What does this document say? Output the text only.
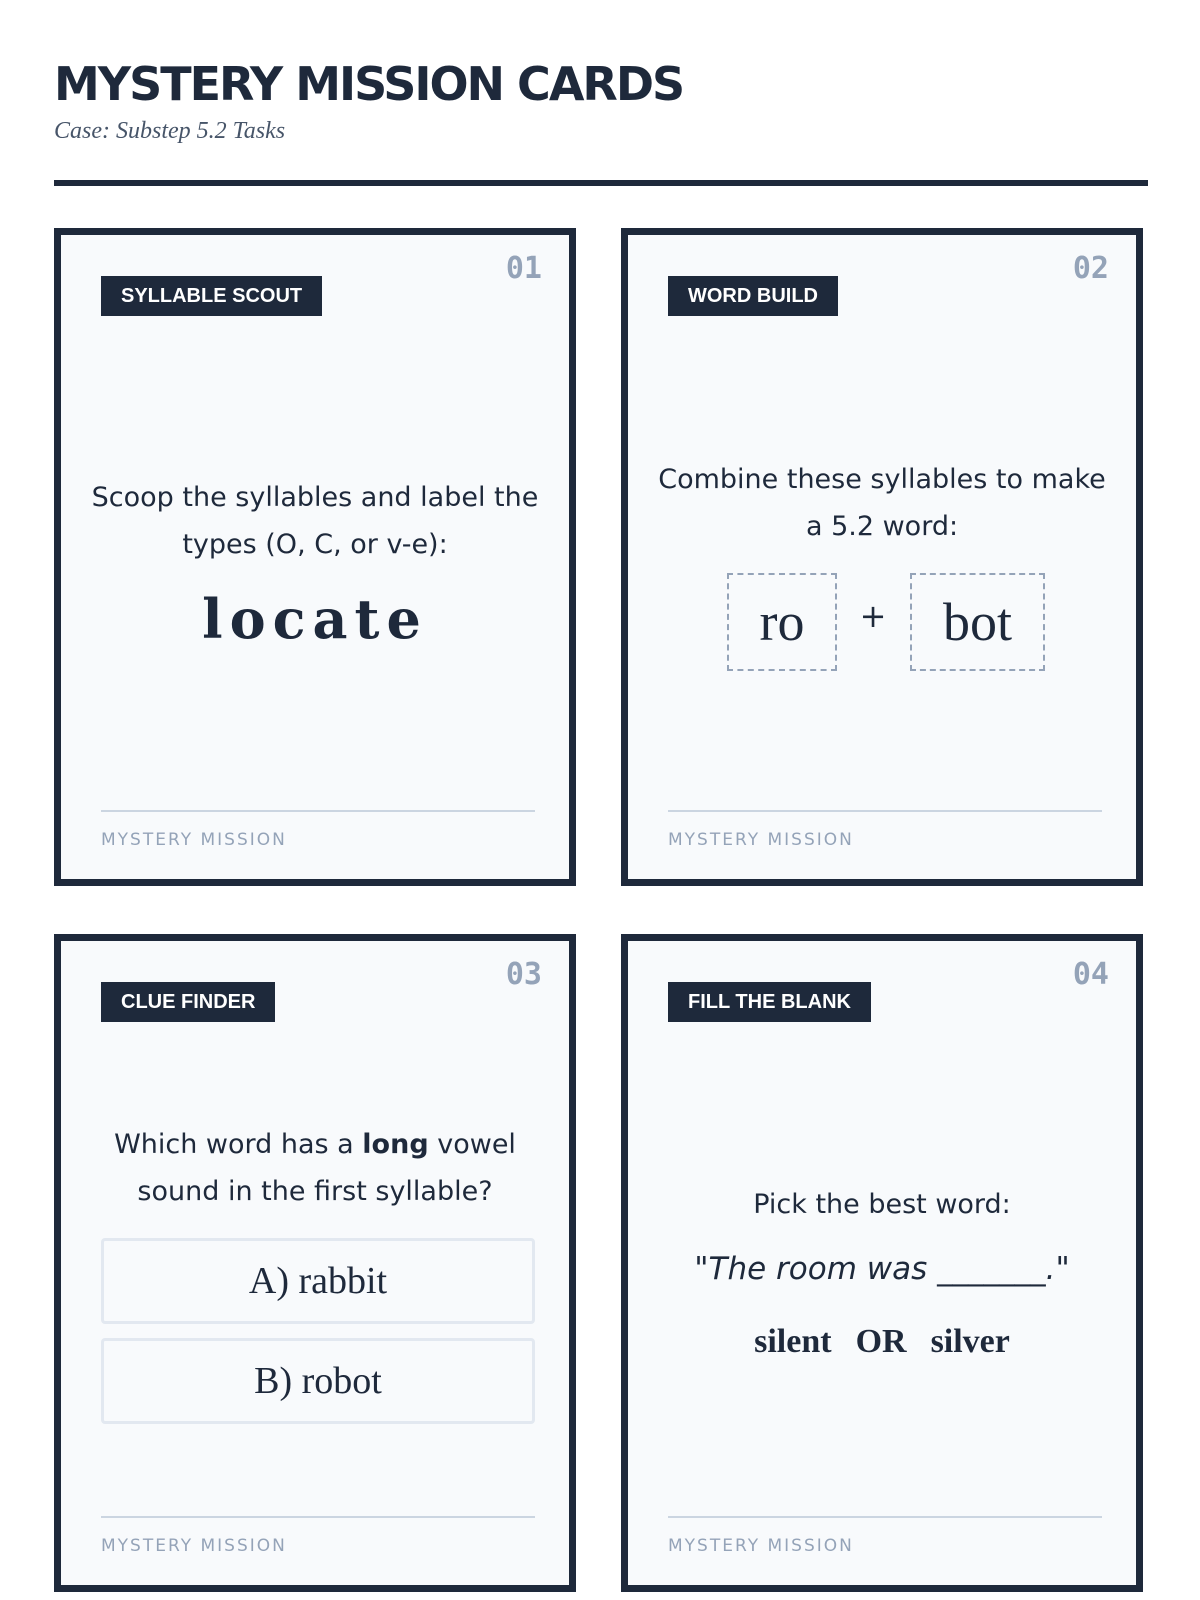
MYSTERY MISSION CARDS
Case: Substep 5.2 Tasks
01
SYLLABLE SCOUT
Scoop the syllables and label the types (O, C, or v-e):
locate
MYSTERY MISSION
02
WORD BUILD
Combine these syllables to make a 5.2 word:
ro	+	bot
MYSTERY MISSION
03
CLUE FINDER
Which word has a long vowel sound in the first syllable?
A) rabbit
B) robot
MYSTERY MISSION
04
FILL THE BLANK
Pick the best word:
"The room was _______."
silent OR silver
MYSTERY MISSION
